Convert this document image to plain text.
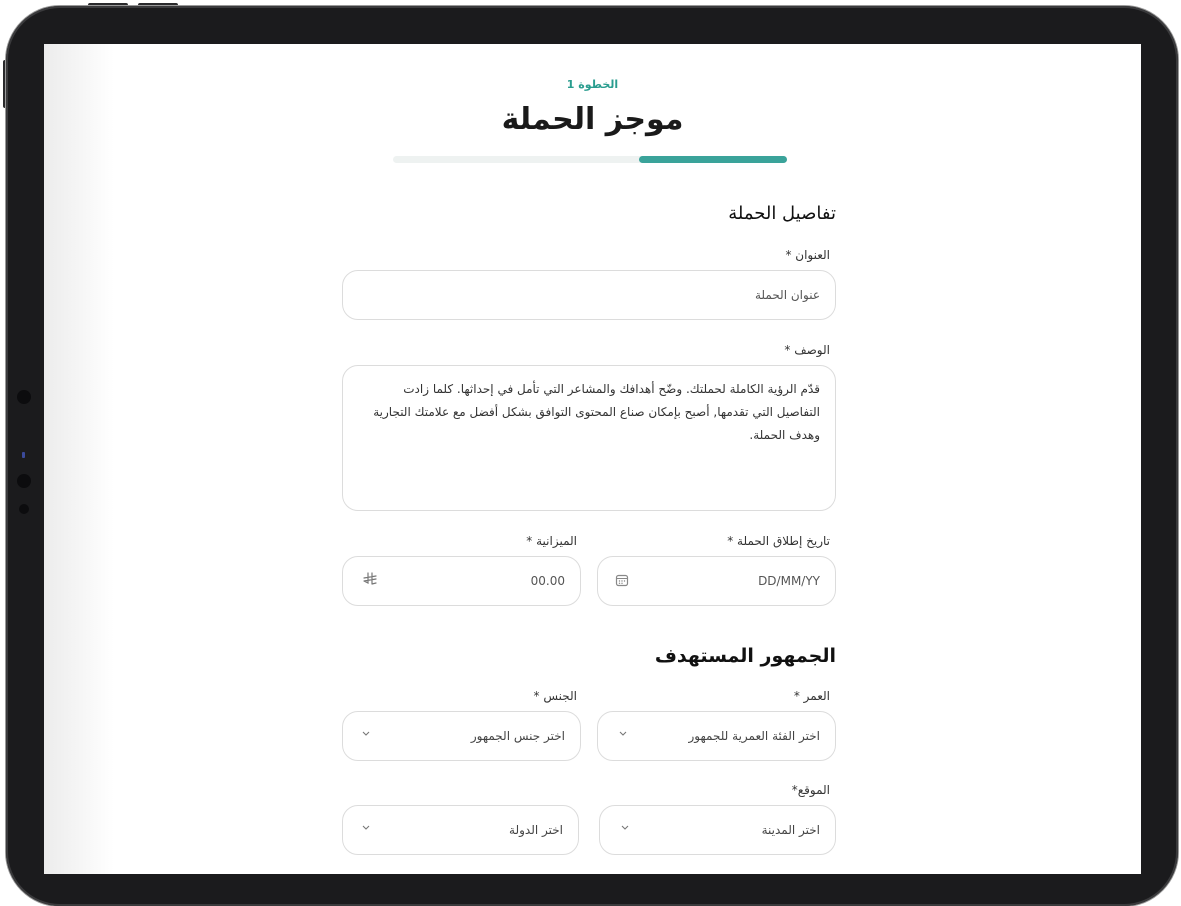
الخطوة 1
موجز الحملة
تفاصيل الحملة
العنوان *
عنوان الحملة
الوصف *
قدّم الرؤية الكاملة لحملتك. وضّح أهدافك والمشاعر التي تأمل في إحداثها. كلما زادت التفاصيل التي تقدمها, أصبح بإمكان صناع المحتوى التوافق بشكل أفضل مع علامتك التجارية وهدف الحملة.
تاريخ إطلاق الحملة *
DD/MM/YY
الميزانية *
00.00
الجمهور المستهدف
العمر *
اختر الفئة العمرية للجمهور
الجنس *
اختر جنس الجمهور
الموقع*
اختر المدينة
اختر الدولة
